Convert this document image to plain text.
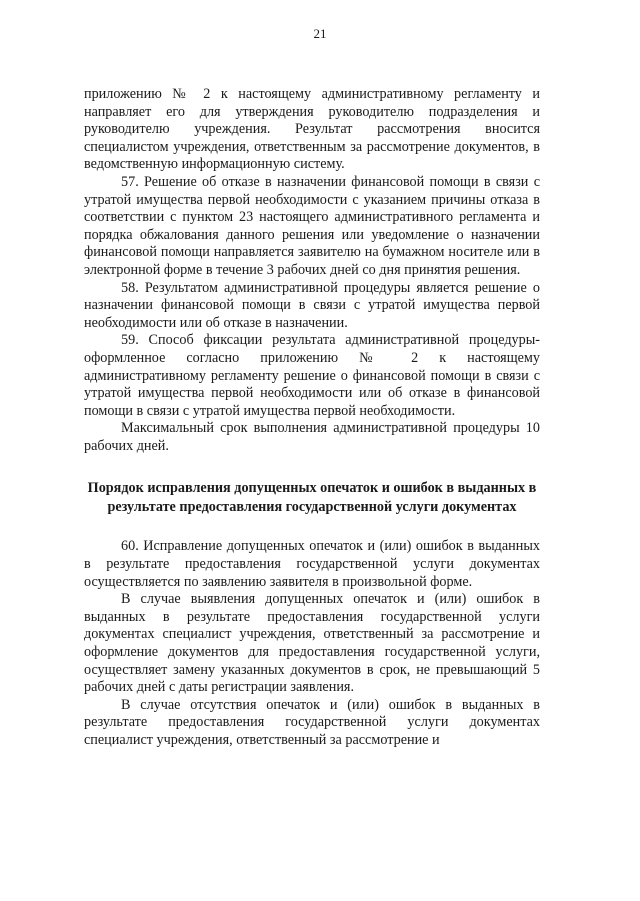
21

приложению № 2 к настоящему административному регламенту и направляет его для утверждения руководителю подразделения и руководителю учреждения. Результат рассмотрения вносится специалистом учреждения, ответственным за рассмотрение документов, в ведомственную информационную систему.

57. Решение об отказе в назначении финансовой помощи в связи с утратой имущества первой необходимости с указанием причины отказа в соответствии с пунктом 23 настоящего административного регламента и порядка обжалования данного решения или уведомление о назначении финансовой помощи направляется заявителю на бумажном носителе или в электронной форме в течение 3 рабочих дней со дня принятия решения.

58. Результатом административной процедуры является решение о назначении финансовой помощи в связи с утратой имущества первой необходимости или об отказе в назначении.

59. Способ фиксации результата административной процедуры-оформленное согласно приложению № 2 к настоящему административному регламенту решение о финансовой помощи в связи с утратой имущества первой необходимости или об отказе в финансовой помощи в связи с утратой имущества первой необходимости.

Максимальный срок выполнения административной процедуры 10 рабочих дней.

Порядок исправления допущенных опечаток и ошибок в выданных в результате предоставления государственной услуги документах

60. Исправление допущенных опечаток и (или) ошибок в выданных в результате предоставления государственной услуги документах осуществляется по заявлению заявителя в произвольной форме.

В случае выявления допущенных опечаток и (или) ошибок в выданных в результате предоставления государственной услуги документах специалист учреждения, ответственный за рассмотрение и оформление документов для предоставления государственной услуги, осуществляет замену указанных документов в срок, не превышающий 5 рабочих дней с даты регистрации заявления.

В случае отсутствия опечаток и (или) ошибок в выданных в результате предоставления государственной услуги документах специалист учреждения, ответственный за рассмотрение и
